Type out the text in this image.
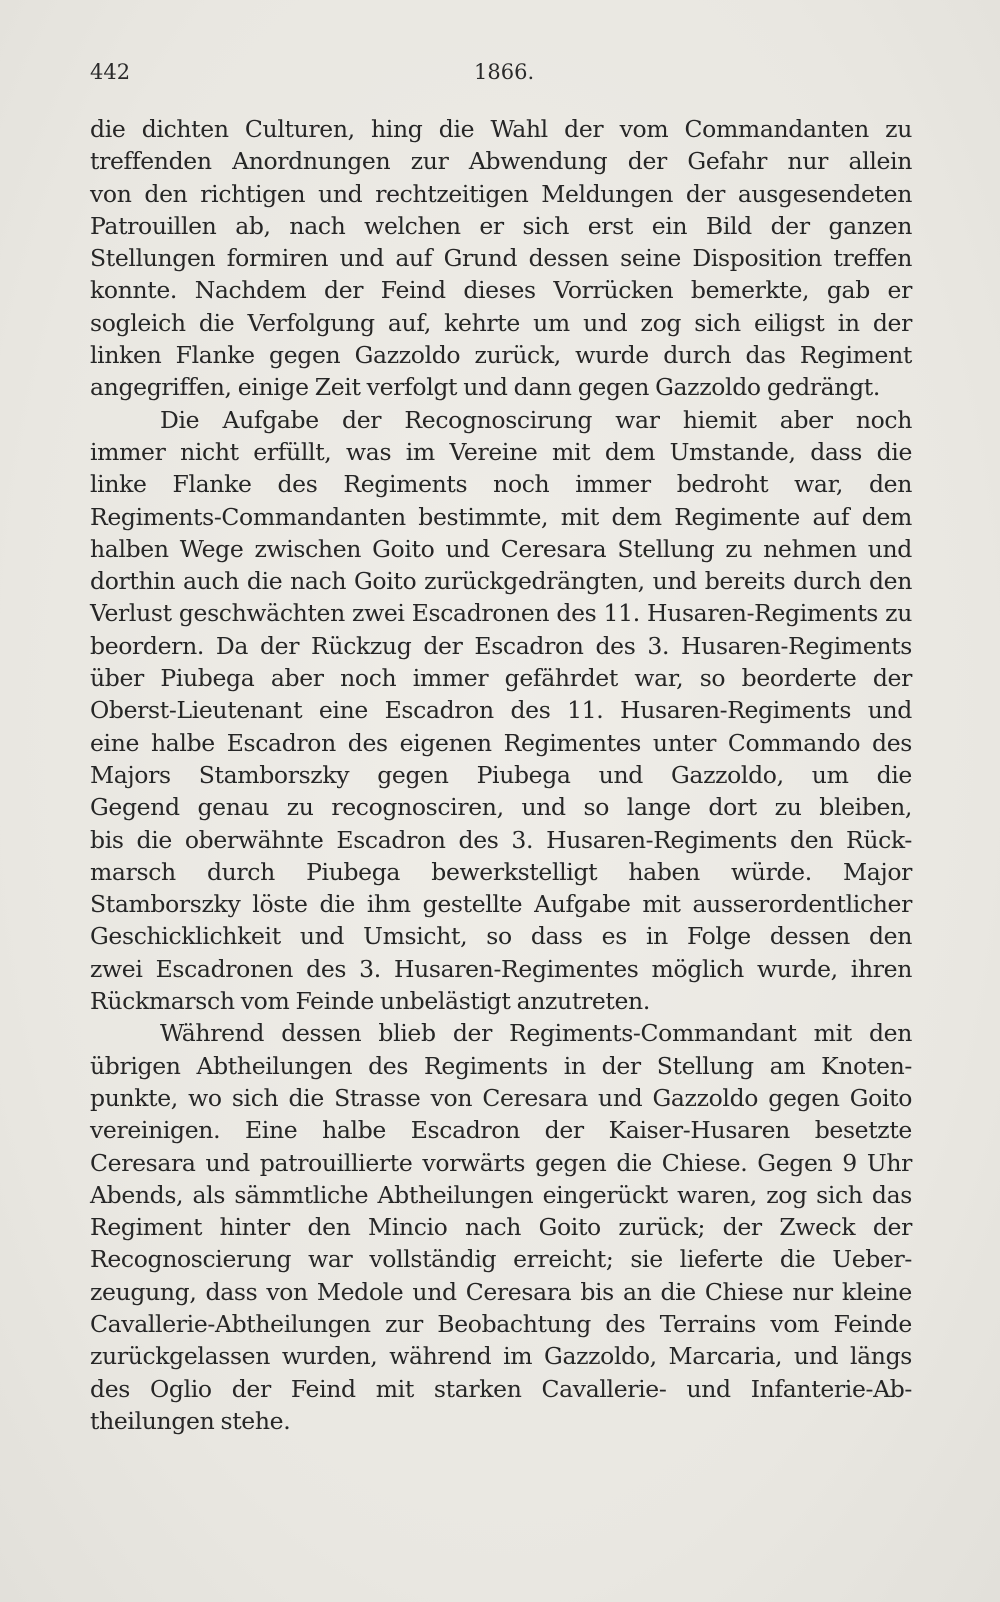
442	1866.
die dichten Culturen, hing die Wahl der vom Commandanten zu
treffenden Anordnungen zur Abwendung der Gefahr nur allein
von den richtigen und rechtzeitigen Meldungen der ausgesendeten
Patrouillen ab, nach welchen er sich erst ein Bild der ganzen
Stellungen formiren und auf Grund dessen seine Disposition treffen
konnte. Nachdem der Feind dieses Vorrücken bemerkte, gab er
sogleich die Verfolgung auf, kehrte um und zog sich eiligst in der
linken Flanke gegen Gazzoldo zurück, wurde durch das Regiment
angegriffen, einige Zeit verfolgt und dann gegen Gazzoldo gedrängt.
Die Aufgabe der Recognoscirung war hiemit aber noch
immer nicht erfüllt, was im Vereine mit dem Umstande, dass die
linke Flanke des Regiments noch immer bedroht war, den
Regiments-Commandanten bestimmte, mit dem Regimente auf dem
halben Wege zwischen Goito und Ceresara Stellung zu nehmen und
dorthin auch die nach Goito zurückgedrängten, und bereits durch den
Verlust geschwächten zwei Escadronen des 11. Husaren-Regiments zu
beordern. Da der Rückzug der Escadron des 3. Husaren-Regiments
über Piubega aber noch immer gefährdet war, so beorderte der
Oberst-Lieutenant eine Escadron des 11. Husaren-Regiments und
eine halbe Escadron des eigenen Regimentes unter Commando des
Majors Stamborszky gegen Piubega und Gazzoldo, um die
Gegend genau zu recognosciren, und so lange dort zu bleiben,
bis die oberwähnte Escadron des 3. Husaren-Regiments den Rück-
marsch durch Piubega bewerkstelligt haben würde. Major
Stamborszky löste die ihm gestellte Aufgabe mit ausserordentlicher
Geschicklichkeit und Umsicht, so dass es in Folge dessen den
zwei Escadronen des 3. Husaren-Regimentes möglich wurde, ihren
Rückmarsch vom Feinde unbelästigt anzutreten.
Während dessen blieb der Regiments-Commandant mit den
übrigen Abtheilungen des Regiments in der Stellung am Knoten-
punkte, wo sich die Strasse von Ceresara und Gazzoldo gegen Goito
vereinigen. Eine halbe Escadron der Kaiser-Husaren besetzte
Ceresara und patrouillierte vorwärts gegen die Chiese. Gegen 9 Uhr
Abends, als sämmtliche Abtheilungen eingerückt waren, zog sich das
Regiment hinter den Mincio nach Goito zurück; der Zweck der
Recognoscierung war vollständig erreicht; sie lieferte die Ueber-
zeugung, dass von Medole und Ceresara bis an die Chiese nur kleine
Cavallerie-Abtheilungen zur Beobachtung des Terrains vom Feinde
zurückgelassen wurden, während im Gazzoldo, Marcaria, und längs
des Oglio der Feind mit starken Cavallerie- und Infanterie-Ab-
theilungen stehe.
